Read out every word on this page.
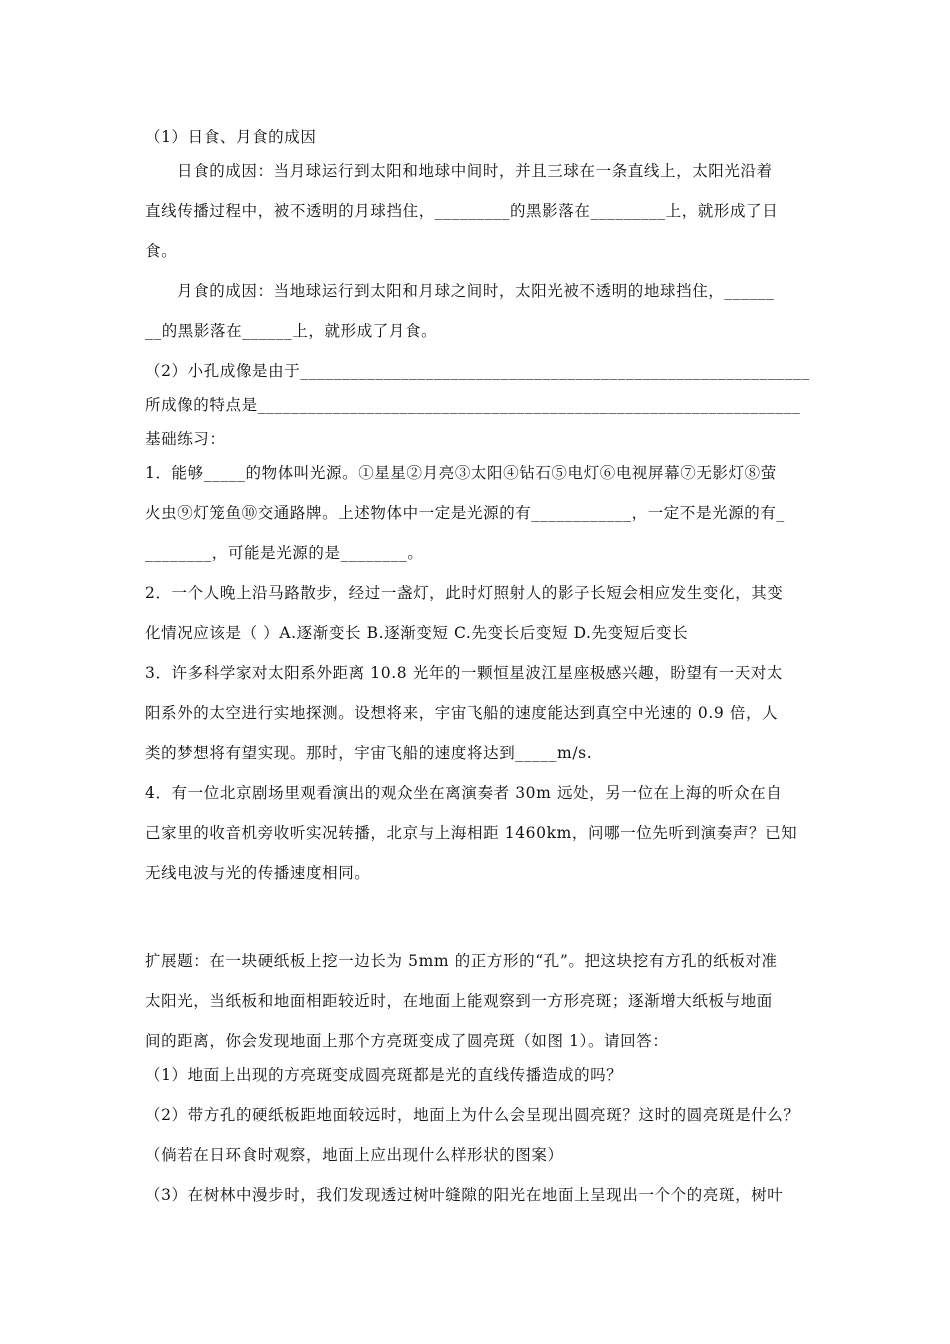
（1）日食、月食的成因
日食的成因：当月球运行到太阳和地球中间时，并且三球在一条直线上，太阳光沿着
直线传播过程中，被不透明的月球挡住，_________的黑影落在_________上，就形成了日
食。
月食的成因：当地球运行到太阳和月球之间时，太阳光被不透明的地球挡住，______
__的黑影落在______上，就形成了月食。
（2）小孔成像是由于_____________________________________________________________
所成像的特点是_________________________________________________________________
基础练习：
1．能够_____的物体叫光源。①星星②月亮③太阳④钻石⑤电灯⑥电视屏幕⑦无影灯⑧萤
火虫⑨灯笼鱼⑩交通路牌。上述物体中一定是光源的有____________，一定不是光源的有_
________，可能是光源的是________。
2．一个人晚上沿马路散步，经过一盏灯，此时灯照射人的影子长短会相应发生变化，其变
化情况应该是（ ）A.逐渐变长 B.逐渐变短 C.先变长后变短 D.先变短后变长
3．许多科学家对太阳系外距离 10.8 光年的一颗恒星波江星座极感兴趣，盼望有一天对太
阳系外的太空进行实地探测。设想将来，宇宙飞船的速度能达到真空中光速的 0.9 倍，人
类的梦想将有望实现。那时，宇宙飞船的速度将达到_____m/s.
4．有一位北京剧场里观看演出的观众坐在离演奏者 30m 远处，另一位在上海的听众在自
己家里的收音机旁收听实况转播，北京与上海相距 1460km，问哪一位先听到演奏声？已知
无线电波与光的传播速度相同。
扩展题：在一块硬纸板上挖一边长为 5mm 的正方形的“孔”。把这块挖有方孔的纸板对准
太阳光，当纸板和地面相距较近时，在地面上能观察到一方形亮斑；逐渐增大纸板与地面
间的距离，你会发现地面上那个方亮斑变成了圆亮斑（如图 1）。请回答：
（1）地面上出现的方亮斑变成圆亮斑都是光的直线传播造成的吗？
（2）带方孔的硬纸板距地面较远时，地面上为什么会呈现出圆亮斑？这时的圆亮斑是什么？
（倘若在日环食时观察，地面上应出现什么样形状的图案）
（3）在树林中漫步时，我们发现透过树叶缝隙的阳光在地面上呈现出一个个的亮斑，树叶
